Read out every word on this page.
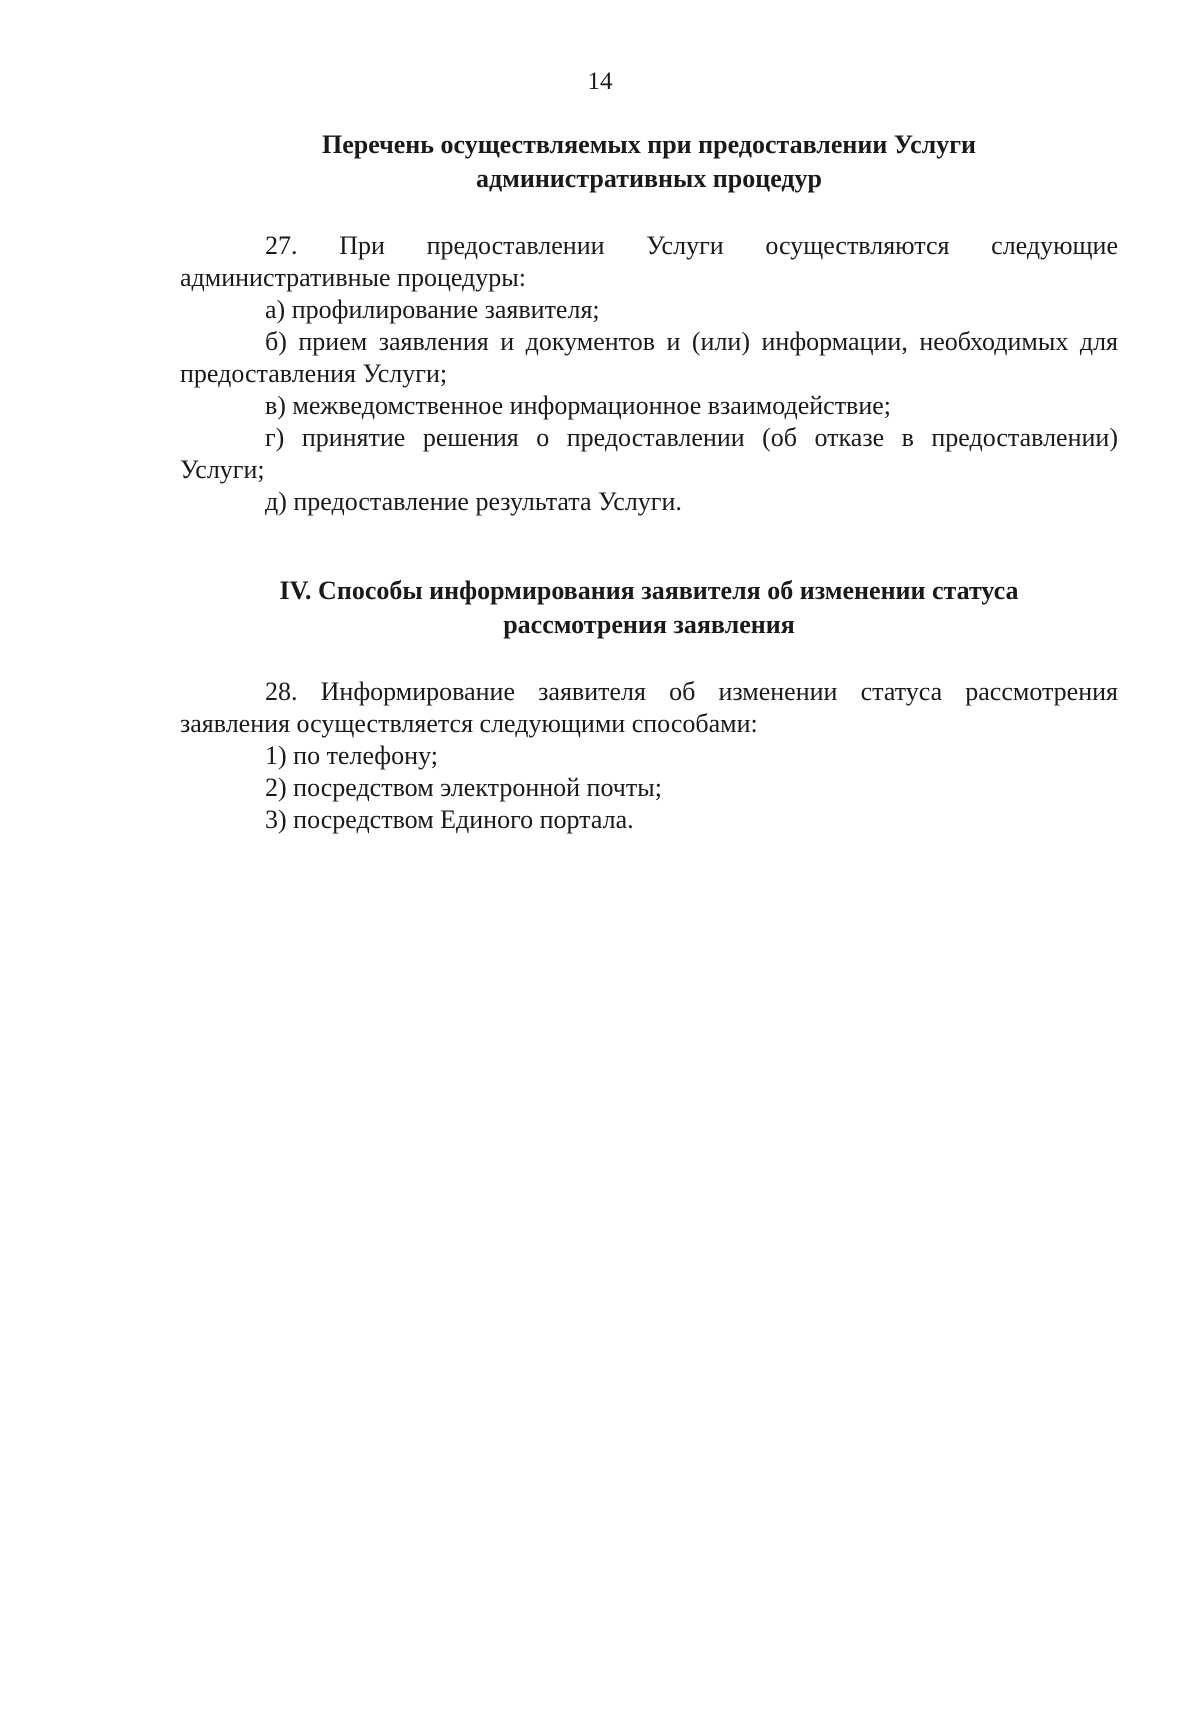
14
Перечень осуществляемых при предоставлении Услуги
административных процедур

27. При предоставлении Услуги осуществляются следующие административные процедуры:

а) профилирование заявителя;

б) прием заявления и документов и (или) информации, необходимых для предоставления Услуги;

в) межведомственное информационное взаимодействие;

г) принятие решения о предоставлении (об отказе в предоставлении) Услуги;

д) предоставление результата Услуги.

IV. Способы информирования заявителя об изменении статуса
рассмотрения заявления

28. Информирование заявителя об изменении статуса рассмотрения заявления осуществляется следующими способами:

1) по телефону;

2) посредством электронной почты;

3) посредством Единого портала.
